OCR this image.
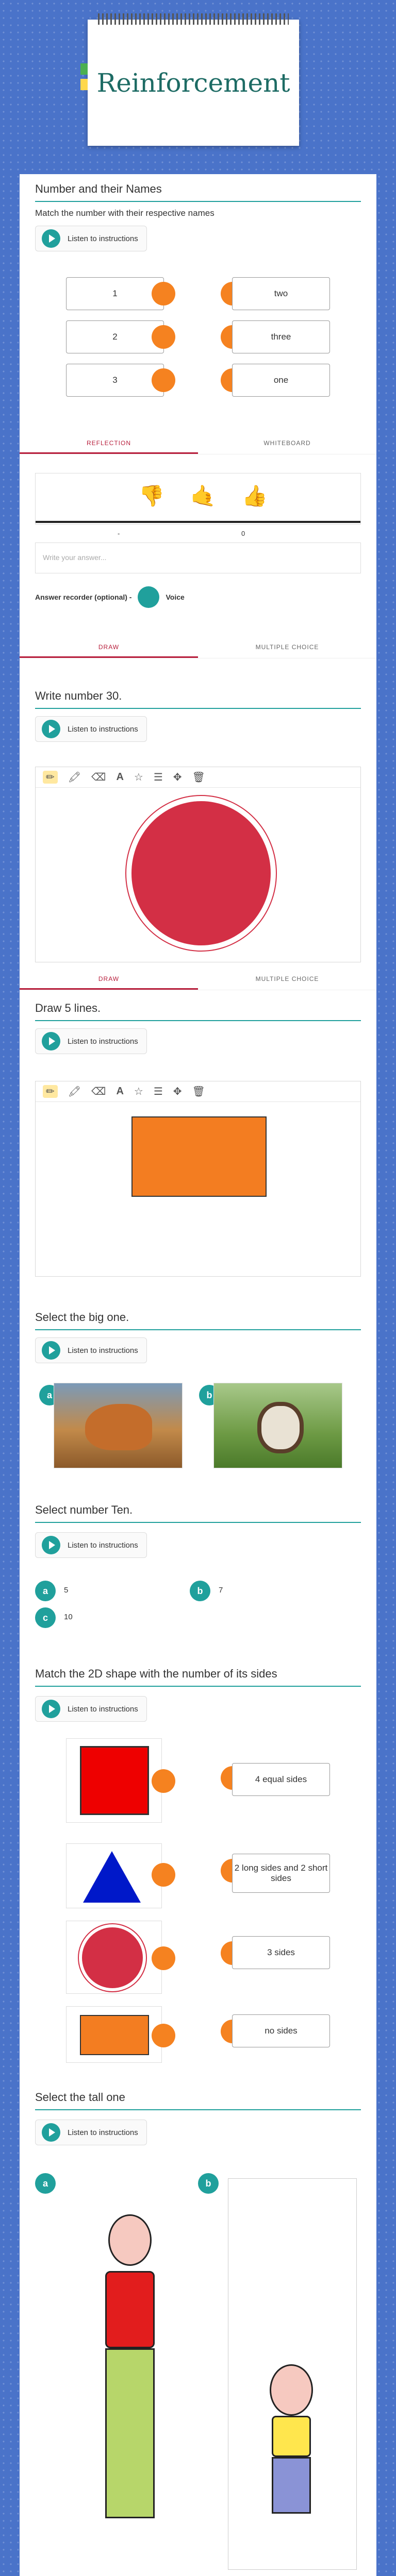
Reinforcement
Number and their Names
Match the number with their respective names
Listen to instructions
1	two
2	three
3	one
REFLECTION	WHITEBOARD
👎 🤙 👍
-	0
Write your answer...
Answer recorder (optional) -	Voice
DRAW	MULTIPLE CHOICE
Write number 30.
Listen to instructions
✏	🖍 ⌫ A ☆ ☰ ✥ 🗑
DRAW	MULTIPLE CHOICE
Draw 5 lines.
Listen to instructions
✏	🖍 ⌫ A ☆ ☰ ✥ 🗑
Select the big one.
Listen to instructions
a	b
Select number Ten.
Listen to instructions
a	5	b	7
c	10
Match the 2D shape with the number of its sides
Listen to instructions
4 equal sides
2 long sides and 2 short sides
3 sides
no sides
Select the tall one
Listen to instructions
a	b
